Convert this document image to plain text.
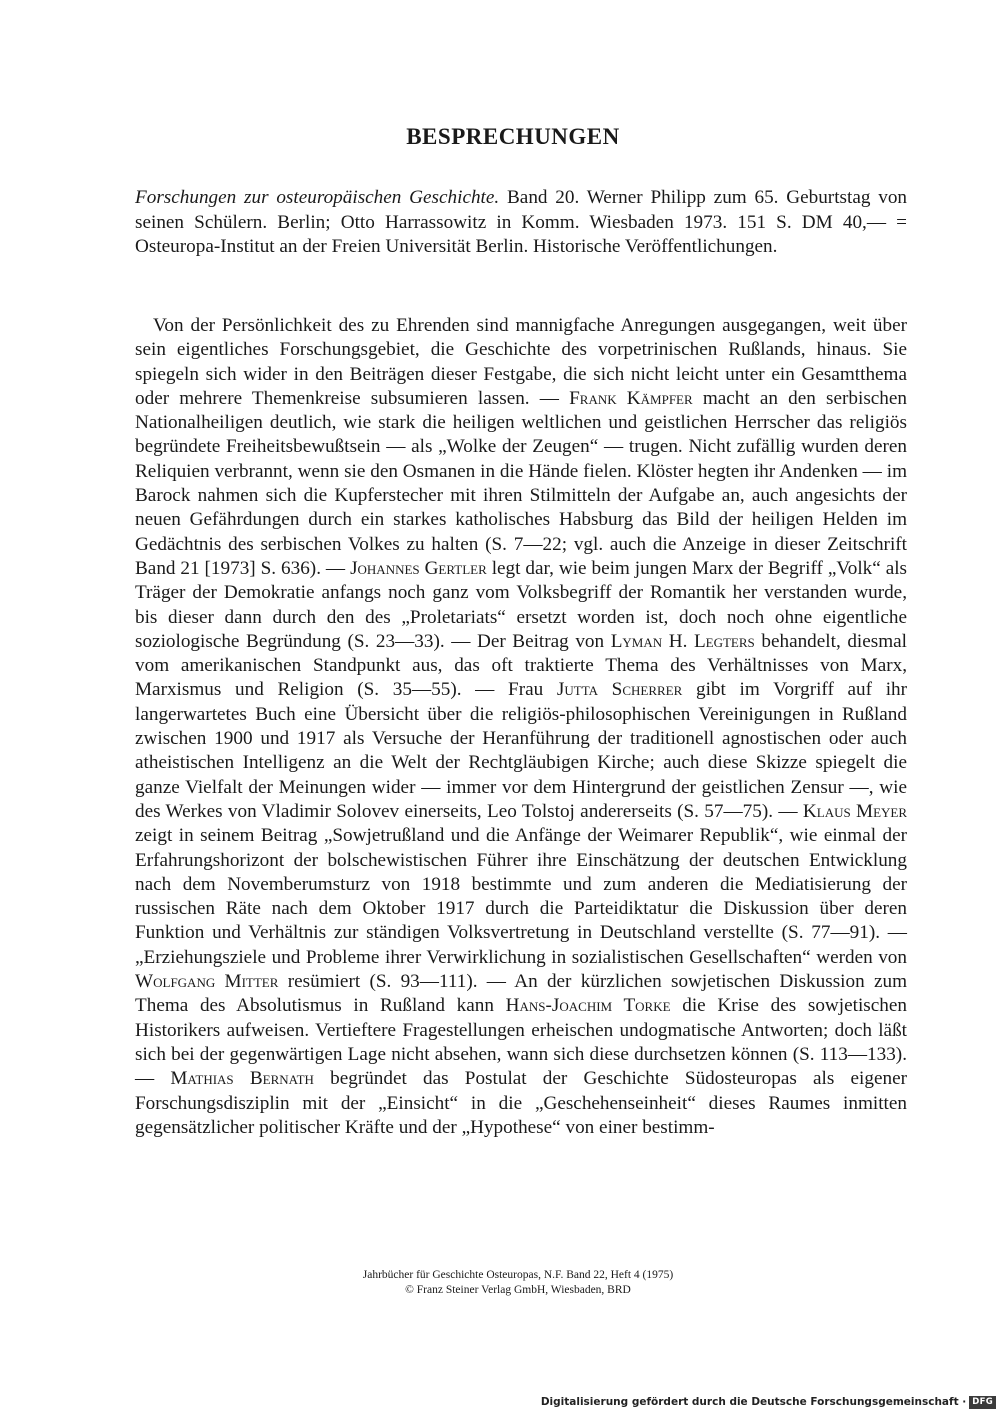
BESPRECHUNGEN

Forschungen zur osteuropäischen Geschichte. Band 20. Werner Philipp zum 65. Geburtstag von seinen Schülern. Berlin; Otto Harrassowitz in Komm. Wiesbaden 1973. 151 S. DM 40,— = Osteuropa-Institut an der Freien Universität Berlin. Historische Veröffentlichungen.

Von der Persönlichkeit des zu Ehrenden sind mannigfache Anregungen ausgegangen, weit über sein eigentliches Forschungsgebiet, die Geschichte des vorpetrinischen Rußlands, hinaus. Sie spiegeln sich wider in den Beiträgen dieser Festgabe, die sich nicht leicht unter ein Gesamtthema oder mehrere Themenkreise subsumieren lassen. — Frank Kämpfer macht an den serbischen Nationalheiligen deutlich, wie stark die heiligen weltlichen und geistlichen Herrscher das religiös begründete Freiheitsbewußtsein — als „Wolke der Zeugen“ — trugen. Nicht zufällig wurden deren Reliquien verbrannt, wenn sie den Osmanen in die Hände fielen. Klöster hegten ihr Andenken — im Barock nahmen sich die Kupferstecher mit ihren Stilmitteln der Aufgabe an, auch angesichts der neuen Gefährdungen durch ein starkes katholisches Habsburg das Bild der heiligen Helden im Gedächtnis des serbischen Volkes zu halten (S. 7—22; vgl. auch die Anzeige in dieser Zeitschrift Band 21 [1973] S. 636). — Johannes Gertler legt dar, wie beim jungen Marx der Begriff „Volk“ als Träger der Demokratie anfangs noch ganz vom Volksbegriff der Romantik her verstanden wurde, bis dieser dann durch den des „Proletariats“ ersetzt worden ist, doch noch ohne eigentliche soziologische Begründung (S. 23—33). — Der Beitrag von Lyman H. Legters behandelt, diesmal vom amerikanischen Standpunkt aus, das oft traktierte Thema des Verhältnisses von Marx, Marxismus und Religion (S. 35—55). — Frau Jutta Scherrer gibt im Vorgriff auf ihr langerwartetes Buch eine Übersicht über die religiös-philosophischen Vereinigungen in Rußland zwischen 1900 und 1917 als Versuche der Heranführung der traditionell agnostischen oder auch atheistischen Intelligenz an die Welt der Rechtgläubigen Kirche; auch diese Skizze spiegelt die ganze Vielfalt der Meinungen wider — immer vor dem Hintergrund der geistlichen Zensur —, wie des Werkes von Vladimir Solovev einerseits, Leo Tolstoj andererseits (S. 57—75). — Klaus Meyer zeigt in seinem Beitrag „Sowjetrußland und die Anfänge der Weimarer Republik“, wie einmal der Erfahrungshorizont der bolschewistischen Führer ihre Einschätzung der deutschen Entwicklung nach dem Novemberumsturz von 1918 bestimmte und zum anderen die Mediatisierung der russischen Räte nach dem Oktober 1917 durch die Parteidiktatur die Diskussion über deren Funktion und Verhältnis zur ständigen Volksvertretung in Deutschland verstellte (S. 77—91). — „Erziehungsziele und Probleme ihrer Verwirklichung in sozialistischen Gesellschaften“ werden von Wolfgang Mitter resümiert (S. 93—111). — An der kürzlichen sowjetischen Diskussion zum Thema des Absolutismus in Rußland kann Hans-Joachim Torke die Krise des sowjetischen Historikers aufweisen. Vertieftere Fragestellungen erheischen undogmatische Antworten; doch läßt sich bei der gegenwärtigen Lage nicht absehen, wann sich diese durchsetzen können (S. 113—133). — Mathias Bernath begründet das Postulat der Geschichte Südosteuropas als eigener Forschungsdisziplin mit der „Einsicht“ in die „Geschehenseinheit“ dieses Raumes inmitten gegensätzlicher politischer Kräfte und der „Hypothese“ von einer bestimm-

Jahrbücher für Geschichte Osteuropas, N.F. Band 22, Heft 4 (1975)
© Franz Steiner Verlag GmbH, Wiesbaden, BRD
Digitalisierung gefördert durch die Deutsche Forschungsgemeinschaft · DFG
